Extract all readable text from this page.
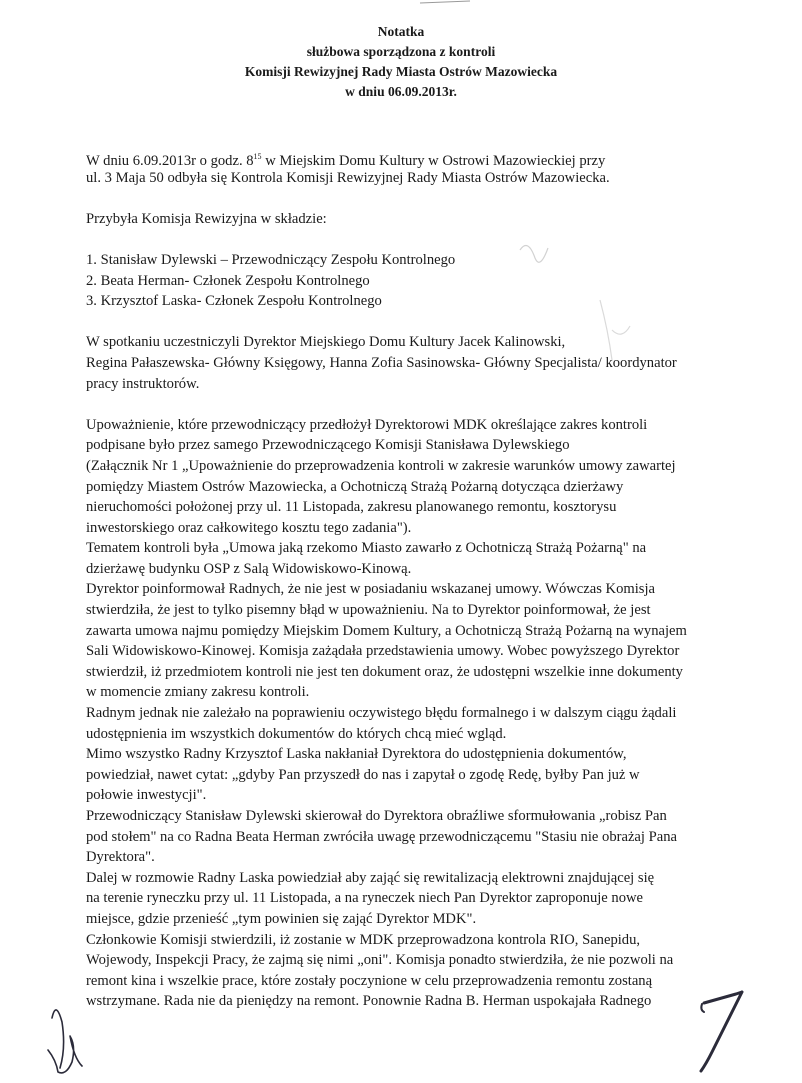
Notatka
służbowa sporządzona z kontroli
Komisji Rewizyjnej Rady Miasta Ostrów Mazowiecka
w dniu 06.09.2013r.
W dniu 6.09.2013r o godz. $8^{15}$ w Miejskim Domu Kultury w Ostrowi Mazowieckiej przy
ul. 3 Maja 50 odbyła się Kontrola Komisji Rewizyjnej Rady Miasta Ostrów Mazowiecka.
Przybyła Komisja Rewizyjna w składzie:
1. Stanisław Dylewski – Przewodniczący Zespołu Kontrolnego
2. Beata Herman- Członek Zespołu Kontrolnego
3. Krzysztof Laska- Członek Zespołu Kontrolnego
W spotkaniu uczestniczyli Dyrektor Miejskiego Domu Kultury Jacek Kalinowski,
Regina Pałaszewska- Główny Księgowy, Hanna Zofia Sasinowska- Główny Specjalista/ koordynator
pracy instruktorów.
Upoważnienie, które przewodniczący przedłożył Dyrektorowi MDK określające zakres kontroli
podpisane było przez samego Przewodniczącego Komisji Stanisława Dylewskiego
(Załącznik Nr 1 „Upoważnienie do przeprowadzenia kontroli w zakresie warunków umowy zawartej
pomiędzy Miastem Ostrów Mazowiecka, a Ochotniczą Strażą Pożarną dotycząca dzierżawy
nieruchomości położonej przy ul. 11 Listopada, zakresu planowanego remontu, kosztorysu
inwestorskiego oraz całkowitego kosztu tego zadania").
Tematem kontroli była „Umowa jaką rzekomo Miasto zawarło z Ochotniczą Strażą Pożarną" na
dzierżawę budynku OSP z Salą Widowiskowo-Kinową.
Dyrektor poinformował Radnych, że nie jest w posiadaniu wskazanej umowy. Wówczas Komisja
stwierdziła, że jest to tylko pisemny błąd w upoważnieniu. Na to Dyrektor poinformował, że jest
zawarta umowa najmu pomiędzy Miejskim Domem Kultury, a Ochotniczą Strażą Pożarną na wynajem
Sali Widowiskowo-Kinowej. Komisja zażądała przedstawienia umowy. Wobec powyższego Dyrektor
stwierdził, iż przedmiotem kontroli nie jest ten dokument oraz, że udostępni wszelkie inne dokumenty
w momencie zmiany zakresu kontroli.
Radnym jednak nie zależało na poprawieniu oczywistego błędu formalnego i w dalszym ciągu żądali
udostępnienia im wszystkich dokumentów do których chcą mieć wgląd.
Mimo wszystko Radny Krzysztof Laska nakłaniał Dyrektora do udostępnienia dokumentów,
powiedział, nawet cytat: „gdyby Pan przyszedł do nas i zapytał o zgodę Redę, byłby Pan już w
połowie inwestycji".
Przewodniczący Stanisław Dylewski skierował do Dyrektora obraźliwe sformułowania „robisz Pan
pod stołem" na co Radna Beata Herman zwróciła uwagę przewodniczącemu "Stasiu nie obrażaj Pana
Dyrektora".
Dalej w rozmowie Radny Laska powiedział aby zająć się rewitalizacją elektrowni znajdującej się
na terenie ryneczku przy ul. 11 Listopada, a na ryneczek niech Pan Dyrektor zaproponuje nowe
miejsce, gdzie przenieść „tym powinien się zająć Dyrektor MDK".
Członkowie Komisji stwierdzili, iż zostanie w MDK przeprowadzona kontrola RIO, Sanepidu,
Wojewody, Inspekcji Pracy, że zajmą się nimi „oni". Komisja ponadto stwierdziła, że nie pozwoli na
remont kina i wszelkie prace, które zostały poczynione w celu przeprowadzenia remontu zostaną
wstrzymane. Rada nie da pieniędzy na remont. Ponownie Radna B. Herman uspokajała Radnego
